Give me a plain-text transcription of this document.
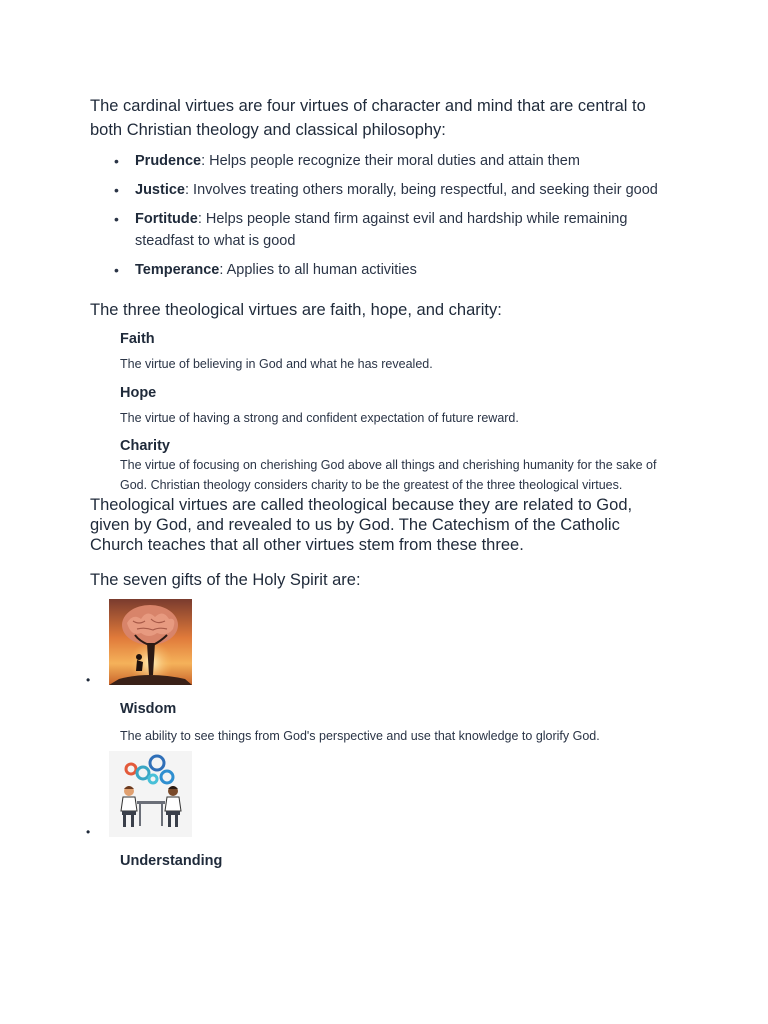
The cardinal virtues are four virtues of character and mind that are central to both Christian theology and classical philosophy:

• Prudence: Helps people recognize their moral duties and attain them
• Justice: Involves treating others morally, being respectful, and seeking their good
• Fortitude: Helps people stand firm against evil and hardship while remaining steadfast to what is good
• Temperance: Applies to all human activities

The three theological virtues are faith, hope, and charity:

Faith

The virtue of believing in God and what he has revealed.

Hope

The virtue of having a strong and confident expectation of future reward.

Charity

The virtue of focusing on cherishing God above all things and cherishing humanity for the sake of God. Christian theology considers charity to be the greatest of the three theological virtues.

Theological virtues are called theological because they are related to God, given by God, and revealed to us by God. The Catechism of the Catholic Church teaches that all other virtues stem from these three.

The seven gifts of the Holy Spirit are:

•
Wisdom

The ability to see things from God's perspective and use that knowledge to glorify God.

•
Understanding
